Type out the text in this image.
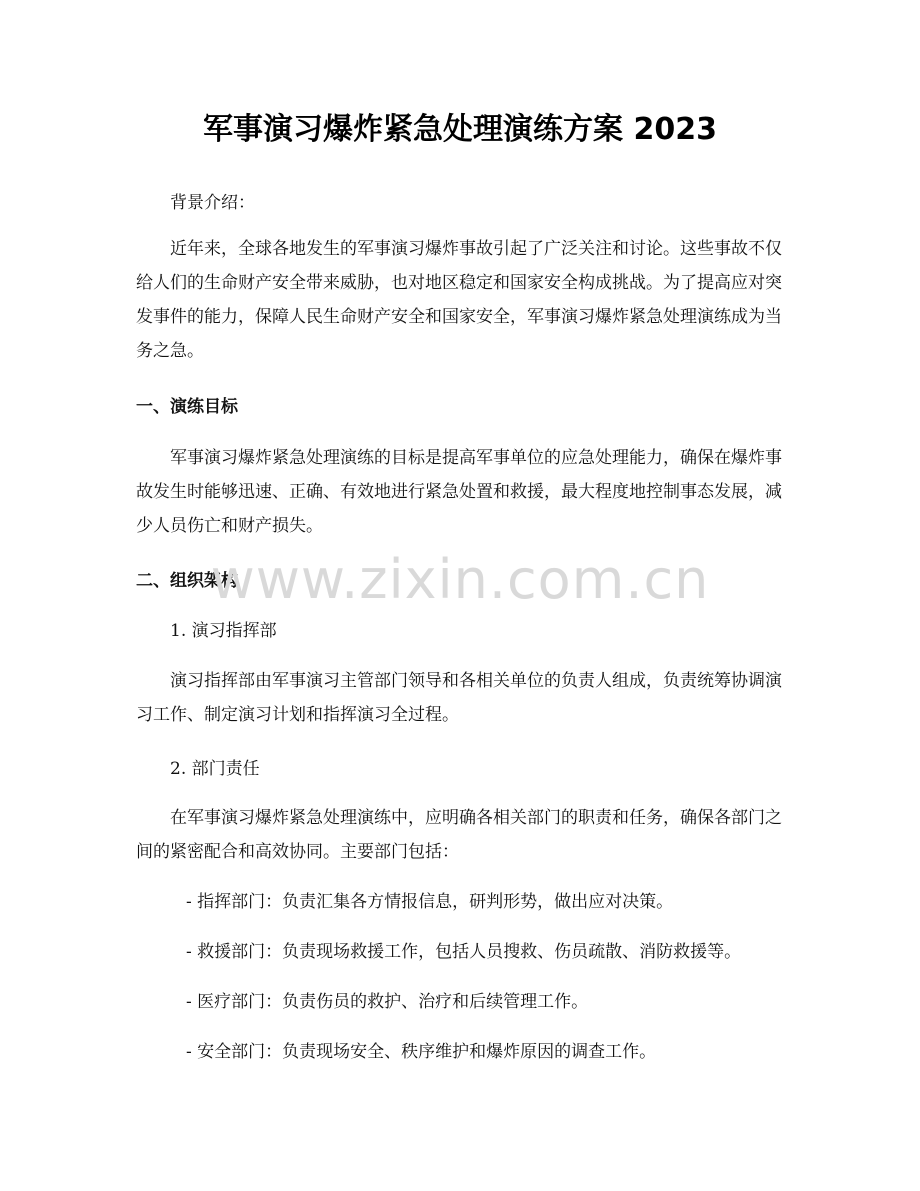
军事演习爆炸紧急处理演练方案 2023

背景介绍：

近年来，全球各地发生的军事演习爆炸事故引起了广泛关注和讨论。这些事故不仅给人们的生命财产安全带来威胁，也对地区稳定和国家安全构成挑战。为了提高应对突发事件的能力，保障人民生命财产安全和国家安全，军事演习爆炸紧急处理演练成为当务之急。

一、演练目标

军事演习爆炸紧急处理演练的目标是提高军事单位的应急处理能力，确保在爆炸事故发生时能够迅速、正确、有效地进行紧急处置和救援，最大程度地控制事态发展，减少人员伤亡和财产损失。

二、组织架构

www.zixin.com.cn

1. 演习指挥部

演习指挥部由军事演习主管部门领导和各相关单位的负责人组成，负责统筹协调演习工作、制定演习计划和指挥演习全过程。

2. 部门责任

在军事演习爆炸紧急处理演练中，应明确各相关部门的职责和任务，确保各部门之间的紧密配合和高效协同。主要部门包括：

- 指挥部门：负责汇集各方情报信息，研判形势，做出应对决策。

- 救援部门：负责现场救援工作，包括人员搜救、伤员疏散、消防救援等。

- 医疗部门：负责伤员的救护、治疗和后续管理工作。

- 安全部门：负责现场安全、秩序维护和爆炸原因的调查工作。
